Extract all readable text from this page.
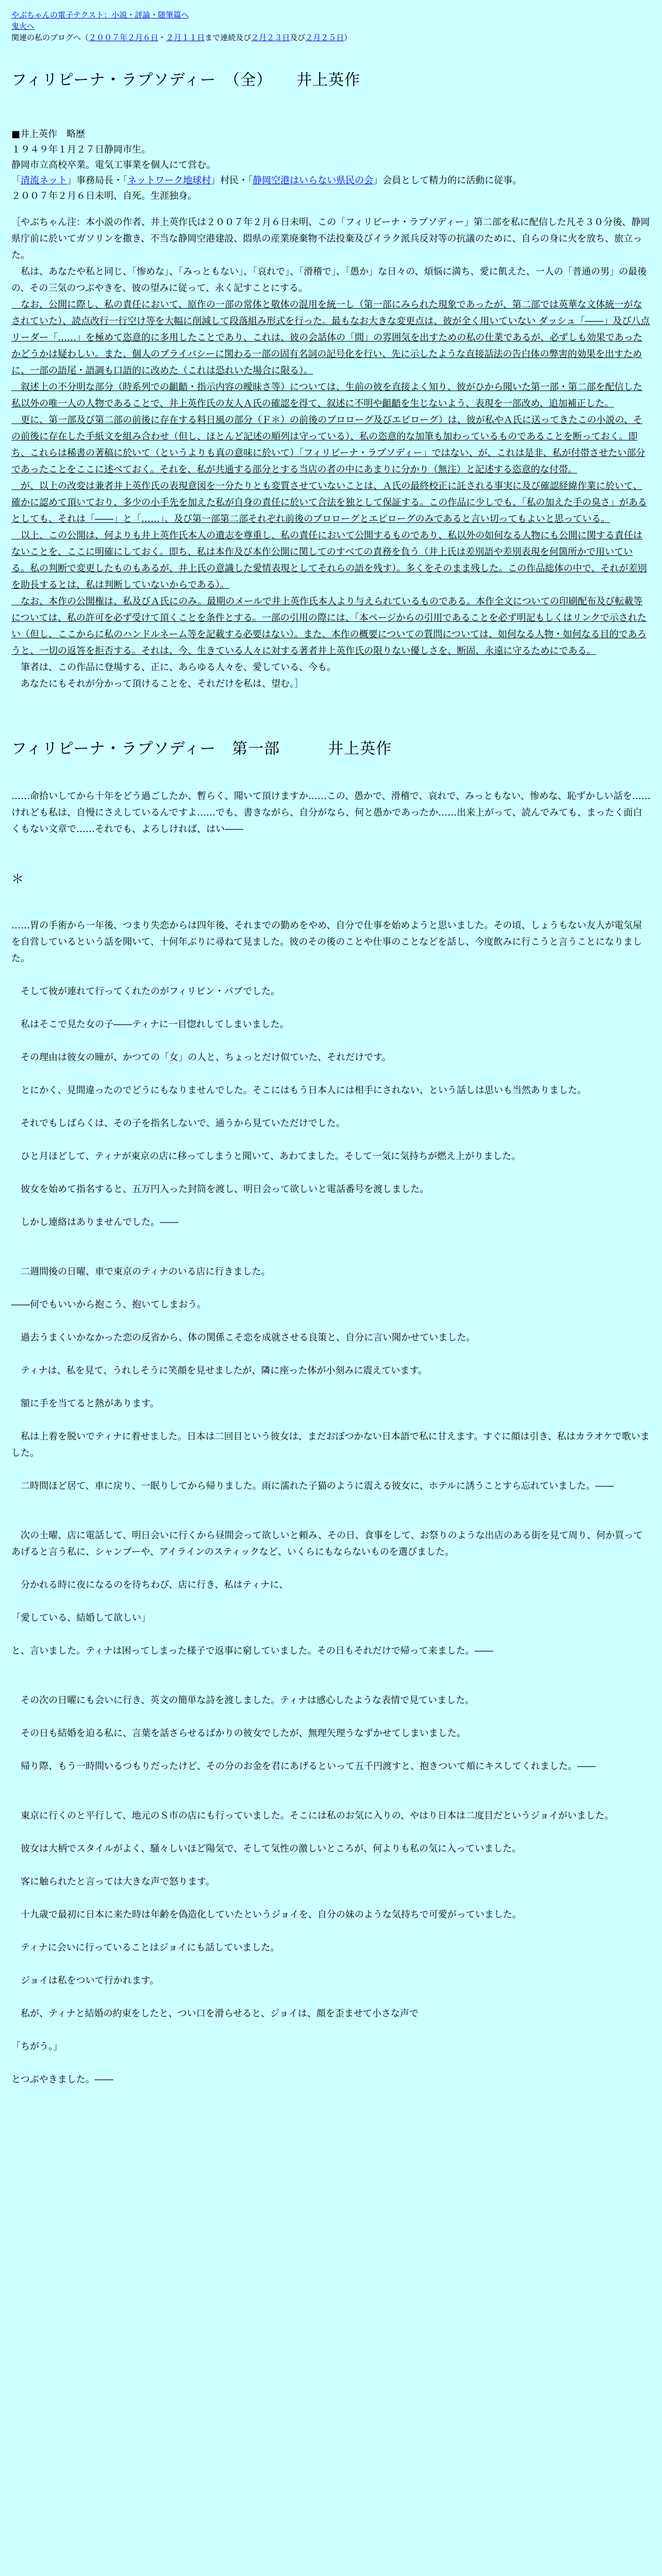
やぶちゃんの電子テクスト：小説・評論・随筆篇へ
鬼火へ
関連の私のブログへ（２００７年２月６日・２月１１日まで連続及び２月２３日及び２月２５日）
フィリピーナ・ラプソディー　（全）　　井上英作

■井上英作　略歴

１９４９年１月２７日静岡市生。

静岡市立高校卒業。電気工事業を個人にて営む。

「清流ネット」事務局長・「ネットワーク地球村」村民・「静岡空港はいらない県民の会」会員として精力的に活動に従事。

２００７年２月６日未明、自死。生涯独身。

［やぶちゃん注：本小説の作者、井上英作氏は２００７年２月６日未明、この「フィリピーナ・ラプソディー」第二部を私に配信した凡そ３０分後、静岡県庁前に於いてガソリンを撒き、不当な静岡空港建設、悶県の産業廃棄物不法投棄及びイラク派兵反対等の抗議のために、自らの身に火を放ち、旅立った。

　私は、あなたや私と同じ、「惨めな」、「みっともない」、「哀れで」、「滑稽で」、「愚か」な日々の、煩悩に満ち、愛に飢えた、一人の「普通の男」の最後の、その三気のつぶやきを、彼の望みに従って、永く記すことにする。

　なお、公開に際し、私の責任において、原作の一部の常体と敬体の混用を統一し（第一部にみられた現象であったが、第二部では英華な文体統一がなされていた）、読点改行一行空け等を大幅に削減して段落組み形式を行った。最もなお大きな変更点は、彼が全く用いていない ダッシュ「――」及び八点リーダー「……」を極めて恣意的に多用したことであり、これは、彼の会話体の「間」の雰囲気を出すための私の仕業であるが、必ずしも効果であったかどうかは疑わしい。また、個人のプライバシーに関わる一部の固有名詞の記号化を行い、先に示したような直接話法の告白体の弊害的効果を出すために、一部の語尾・語調も口語的に改めた（これは恐れいた場合に限る）。

　叙述上の不分明な部分（時系列での齟齬・指示内容の曖昧さ等）については、生前の彼を直接よく知り、彼がひから聞いた第一部・第二部を配信した私以外の唯一人の人物であることで、井上英作氏の友人Ａ氏の確認を得て、叙述に不明や齟齬を生じないよう、表現を一部改め、追加補正した。

　更に、第一部及び第二部の前後に存在する料日風の部分（Ｆ＊）の前後のプロローグ及びエピローグ）は、彼が私やＡ氏に送ってきたこの小説の、その前後に存在した手紙文を組み合わせ（但し、ほとんど記述の順列は守っている）、私の恣意的な加筆も加わっているものであることを断っておく。即ち、これらは稀書の著稿に於いて（というよりも真の意味に於いて）「フィリピーナ・ラプソディー」ではない、が、これは是非、私が付帯させたい部分であったことをここに述べておく。それを、私が共通する部分とする当店の者の中にあまりに分かり（無注）と記述する恣意的な付帯。

　が、以上の改変は兼者井上英作氏の表現意図を一分たりとも変質させていないことは、Ａ氏の最終校正に託される事実に及び確認経緯作業に於いて、確かに認めて頂いており、多少の小手先を加えた私が自身の責任に於いて合法を独として保証する。この作品に少しでも、「私の加えた手の臭さ」があるとしても、それは「――」と「……」、及び第一部第二部それぞれ前後のプロローグとエピローグのみであると言い切ってもよいと思っている。

　以上、この公開は、何よりも井上英作氏本人の遺志を尊重し、私の責任において公開するものであり、私以外の如何なる人物にも公開に関する責任はないことを、ここに明確にしておく。即ち、私は本作及び本作公開に関してのすべての責務を負う（井上氏は差別語や差別表現を何箇所かで用いている。私の判断で変更したものもあるが、井上氏の意識した愛情表現としてそれらの語を残す）。多くをそのまま残した。この作品総体の中で、それが差別を助長するとは、私は判断していないからである）。

　なお、本作の公開権は、私及びＡ氏にのみ。最期のメールで井上英作氏本人より与えられているものである。本作全文についての印刷配布及び転載等については、私の許可を必ず受けて頂くことを条件とする。一部の引用の際には、「本ページからの引用であることを必ず明記もしくはリンクで示されたい（但し、ここからに私のハンドルネーム等を記載する必要はない）。また、本作の概要についての質問については、如何なる人物・如何なる目的であろうと、一切の返答を拒否する。それは、今、生きている人々に対する著者井上英作氏の限りない優しさを、断固、永遠に守るためにである。

　筆者は、この作品に登場する、正に、あらゆる人々を、愛している、今も。

　あなたにもそれが分かって頂けることを、それだけを私は、望む。］

フィリピーナ・ラプソディー　第一部　　　井上英作

……命拾いしてから十年をどう過ごしたか、暫らく、聞いて頂けますか……この、愚かで、滑稽で、哀れで、みっともない、惨めな、恥ずかしい話を……けれども私は、自慢にさえしているんですよ……でも、書きながら、自分がなら、何と愚かであったか……出来上がって、読んでみても、まったく面白くもない文章で……それでも、よろしければ、はい――

＊

……胃の手術から一年後、つまり失恋からは四年後、それまでの勤めをやめ、自分で仕事を始めようと思いました。その頃、しょうもない友人が電気屋を自営しているという話を聞いて、十何年ぶりに尋ねて見ました。彼のその後のことや仕事のことなどを話し、今度飲みに行こうと言うことになりました。

　そして彼が連れて行ってくれたのがフィリピン・パブでした。

　私はそこで見た女の子――ティナに一目惚れしてしまいました。

　その理由は彼女の瞳が、かつての「女」の人と、ちょっとだけ似ていた、それだけです。

　とにかく、見間違ったのでどうにもなりませんでした。そこにはもう日本人には相手にされない、という話しは思いも当然ありました。

　それでもしばらくは、その子を指名しないで、通うから見ていただけでした。

　ひと月ほどして、ティナが東京の店に移ってしまうと聞いて、あわてました。そして一気に気持ちが燃え上がりました。

　彼女を始めて指名すると、五万円入った封筒を渡し、明日会って欲しいと電話番号を渡しました。

　しかし連絡はありませんでした。――

　二週間後の日曜、車で東京のティナのいる店に行きました。

――何でもいいから抱こう、抱いてしまおう。

　過去うまくいかなかった恋の反省から、体の関係こそ恋を成就させる良策と、自分に言い聞かせていました。

　ティナは、私を見て、うれしそうに笑顔を見せましたが、隣に座った体が小刻みに震えています。

　額に手を当てると熱があります。

　私は上着を脱いでティナに着せました。日本は二回目という彼女は、まだおぼつかない日本語で私に甘えます。すぐに顔は引き、私はカラオケで歌いました。

　二時間ほど居て、車に戻り、一眠りしてから帰りました。雨に濡れた子猫のように震える彼女に、ホテルに誘うことすら忘れていました。――

　次の土曜、店に電話して、明日会いに行くから昼間会って欲しいと頼み、その日、食事をして、お祭りのような出店のある街を見て周り、何か買ってあげると言う私に、シャンプーや、アイラインのスティックなど、いくらにもならないものを選びました。

　分かれる時に夜になるのを待ちわび、店に行き、私はティナに、

「愛している、結婚して欲しい」

と、言いました。ティナは困ってしまった様子で返事に窮していました。その日もそれだけで帰って来ました。――

　その次の日曜にも会いに行き、英文の簡単な詩を渡しました。ティナは感心したような表情で見ていました。

　その日も結婚を迫る私に、言葉を話さらせるばかりの彼女でしたが、無理矢理うなずかせてしまいました。

　帰り際、もう一時間いるつもりだったけど、その分のお金を君にあげるといって五千円渡すと、抱きついて頬にキスしてくれました。――

　東京に行くのと平行して、地元のＳ市の店にも行っていました。そこには私のお気に入りの、やはり日本は二度目だというジョイがいました。

　彼女は大柄でスタイルがよく、騒々しいほど陽気で、そして気性の激しいところが、何よりも私の気に入っていました。

　客に触られたと言っては大きな声で怒ります。

　十九歳で最初に日本に来た時は年齢を偽造化していたというジョイを、自分の妹のような気持ちで可愛がっていました。

　ティナに会いに行っていることはジョイにも話していました。

　ジョイは私をついて行かれます。

　私が、ティナと結婚の約束をしたと、つい口を滑らせると、ジョイは、顔を歪ませて小さな声で

「ちがう。」

とつぶやきました。――
